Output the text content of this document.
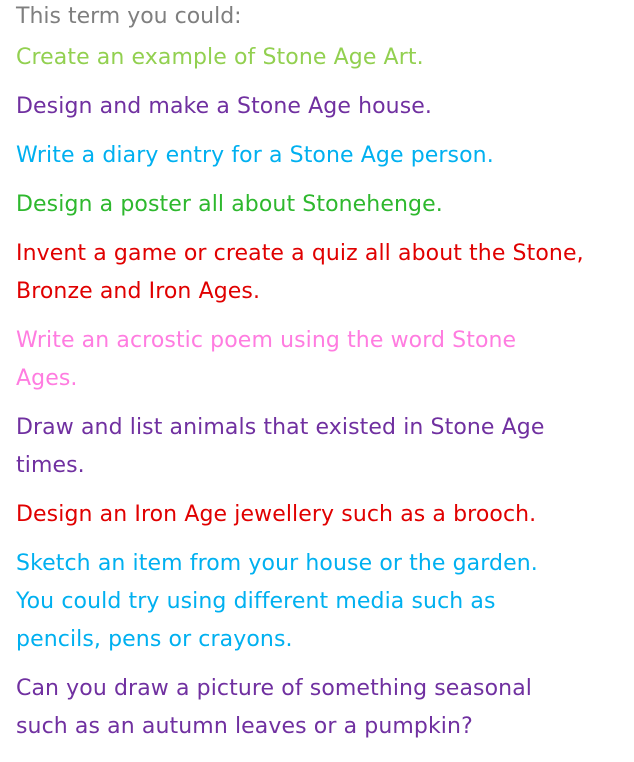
This term you could:

Create an example of Stone Age Art.

Design and make a Stone Age house.

Write a diary entry for a Stone Age person.

Design a poster all about Stonehenge.

Invent a game or create a quiz all about the Stone,
Bronze and Iron Ages.

Write an acrostic poem using the word Stone
Ages.

Draw and list animals that existed in Stone Age
times.

Design an Iron Age jewellery such as a brooch.

Sketch an item from your house or the garden.
You could try using different media such as
pencils, pens or crayons.

Can you draw a picture of something seasonal
such as an autumn leaves or a pumpkin?
